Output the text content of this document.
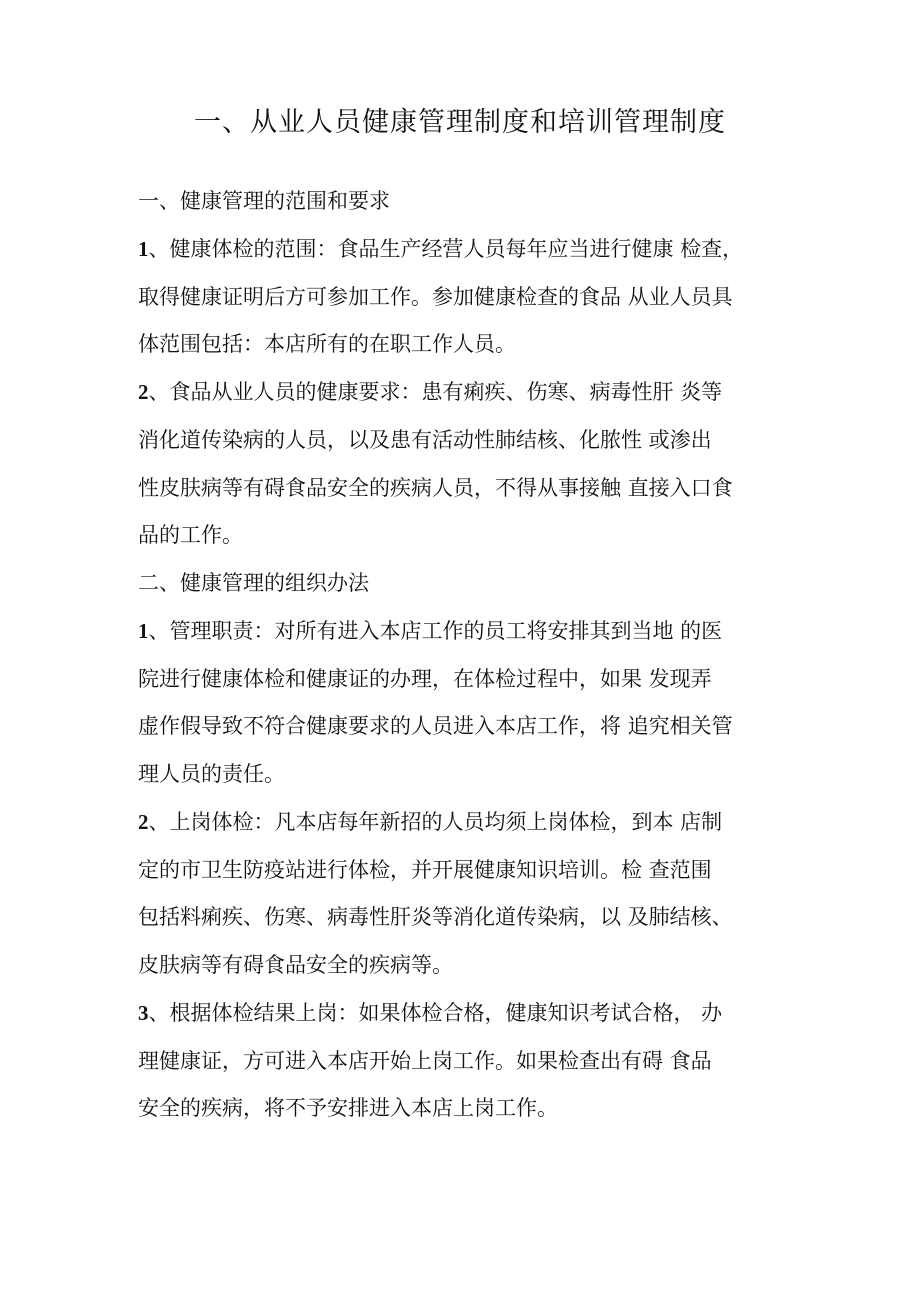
一、从业人员健康管理制度和培训管理制度
一、健康管理的范围和要求
1、健康体检的范围：食品生产经营人员每年应当进行健康 检查，
取得健康证明后方可参加工作。参加健康检查的食品 从业人员具
体范围包括：本店所有的在职工作人员。
2、食品从业人员的健康要求：患有痢疾、伤寒、病毒性肝 炎等
消化道传染病的人员，以及患有活动性肺结核、化脓性 或渗出
性皮肤病等有碍食品安全的疾病人员，不得从事接触 直接入口食
品的工作。
二、健康管理的组织办法
1、管理职责：对所有进入本店工作的员工将安排其到当地 的医
院进行健康体检和健康证的办理，在体检过程中，如果 发现弄
虚作假导致不符合健康要求的人员进入本店工作，将 追究相关管
理人员的责任。
2、上岗体检：凡本店每年新招的人员均须上岗体检，到本 店制
定的市卫生防疫站进行体检，并开展健康知识培训。检 查范围
包括料痢疾、伤寒、病毒性肝炎等消化道传染病，以 及肺结核、
皮肤病等有碍食品安全的疾病等。
3、根据体检结果上岗：如果体检合格，健康知识考试合格， 办
理健康证，方可进入本店开始上岗工作。如果检查出有碍 食品
安全的疾病，将不予安排进入本店上岗工作。
